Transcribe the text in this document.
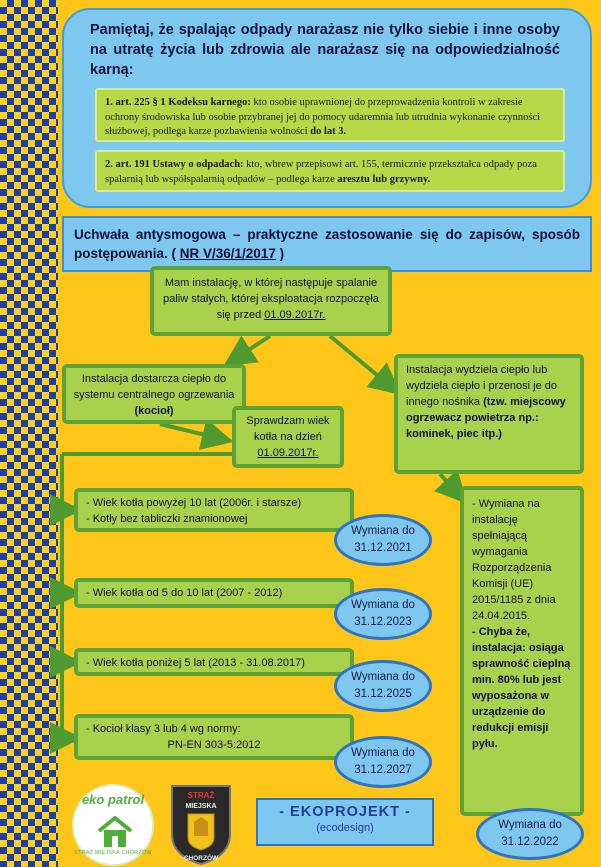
Pamiętaj, że spalając odpady narażasz nie tylko siebie i inne osoby na utratę życia lub zdrowia ale narażasz się na odpowiedzialność karną:
1. art. 225 § 1 Kodeksu karnego: kto osobie uprawnionej do przeprowadzenia kontroli w zakresie ochrony środowiska lub osobie przybranej jej do pomocy udaremnia lub utrudnia wykonanie czynności służbowej, podlega karze pozbawienia wolności do lat 3.
2. art. 191 Ustawy o odpadach: kto, wbrew przepisowi art. 155, termicznie przekształca odpady poza spalarnią lub współspalarnią odpadów – podlega karze aresztu lub grzywny.
Uchwała antysmogowa – praktyczne zastosowanie się do zapisów, sposób postępowania. ( NR V/36/1/2017 )
Mam instalację, w której następuje spalanie paliw stałych, której eksploatacja rozpoczęła się przed 01.09.2017r.
Instalacja dostarcza ciepło do systemu centralnego ogrzewania (kocioł)
Sprawdzam wiek kotła na dzień 01.09.2017r.
Instalacja wydziela ciepło lub wydziela ciepło i przenosi je do innego nośnika (tzw. miejscowy ogrzewacz powietrza np.: kominek, piec itp.)
- Wiek kotła powyżej 10 lat (2006r. i starsze)
- Kotły bez tabliczki znamionowej
- Wiek kotła od 5 do 10 lat (2007 - 2012)
- Wiek kotła poniżej 5 lat (2013 - 31.08.2017)
- Kocioł klasy 3 lub 4 wg normy:
PN-EN 303-5:2012
Wymiana do
31.12.2021
Wymiana do
31.12.2023
Wymiana do
31.12.2025
Wymiana do
31.12.2027
- Wymiana na instalację spełniającą wymagania Rozporządzenia Komisji (UE) 2015/1185 z dnia 24.04.2015.
- Chyba że, instalacja: osiąga sprawność cieplną min. 80% lub jest wyposażona w urządzenie do redukcji emisji pyłu.
Wymiana do
31.12.2022
- EKOPROJEKT -
(ecodesign)
eko patrol
STRAŻ MIEJSKA CHORZÓW
STRAŻ
MIEJSKA
CHORZÓW
